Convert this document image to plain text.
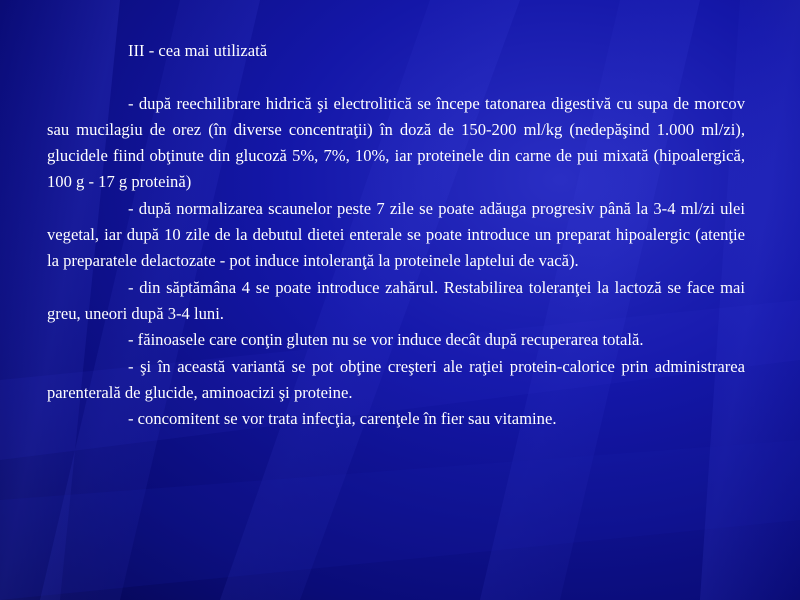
III - cea mai utilizată

- după reechilibrare hidrică şi electrolitică se începe tatonarea digestivă cu supa de morcov sau mucilagiu de orez (în diverse concentraţii) în doză de 150-200 ml/kg (nedepăşind 1.000 ml/zi), glucidele fiind obţinute din glucoză 5%, 7%, 10%, iar proteinele din carne de pui mixată (hipoalergică, 100 g - 17 g proteină)

- după normalizarea scaunelor peste 7 zile se poate adăuga progresiv până la 3-4 ml/zi ulei vegetal, iar după 10 zile de la debutul dietei enterale se poate introduce un preparat hipoalergic (atenţie la preparatele delactozate - pot induce intoleranţă la proteinele laptelui de vacă).

- din săptămâna 4 se poate introduce zahărul. Restabilirea toleranţei la lactoză se face mai greu, uneori după 3-4 luni.

- făinoasele care conţin gluten nu se vor induce decât după recuperarea totală.

- şi în această variantă se pot obţine creşteri ale raţiei protein-calorice prin administrarea parenterală de glucide, aminoacizi şi proteine.

- concomitent se vor trata infecţia, carenţele în fier sau vitamine.
